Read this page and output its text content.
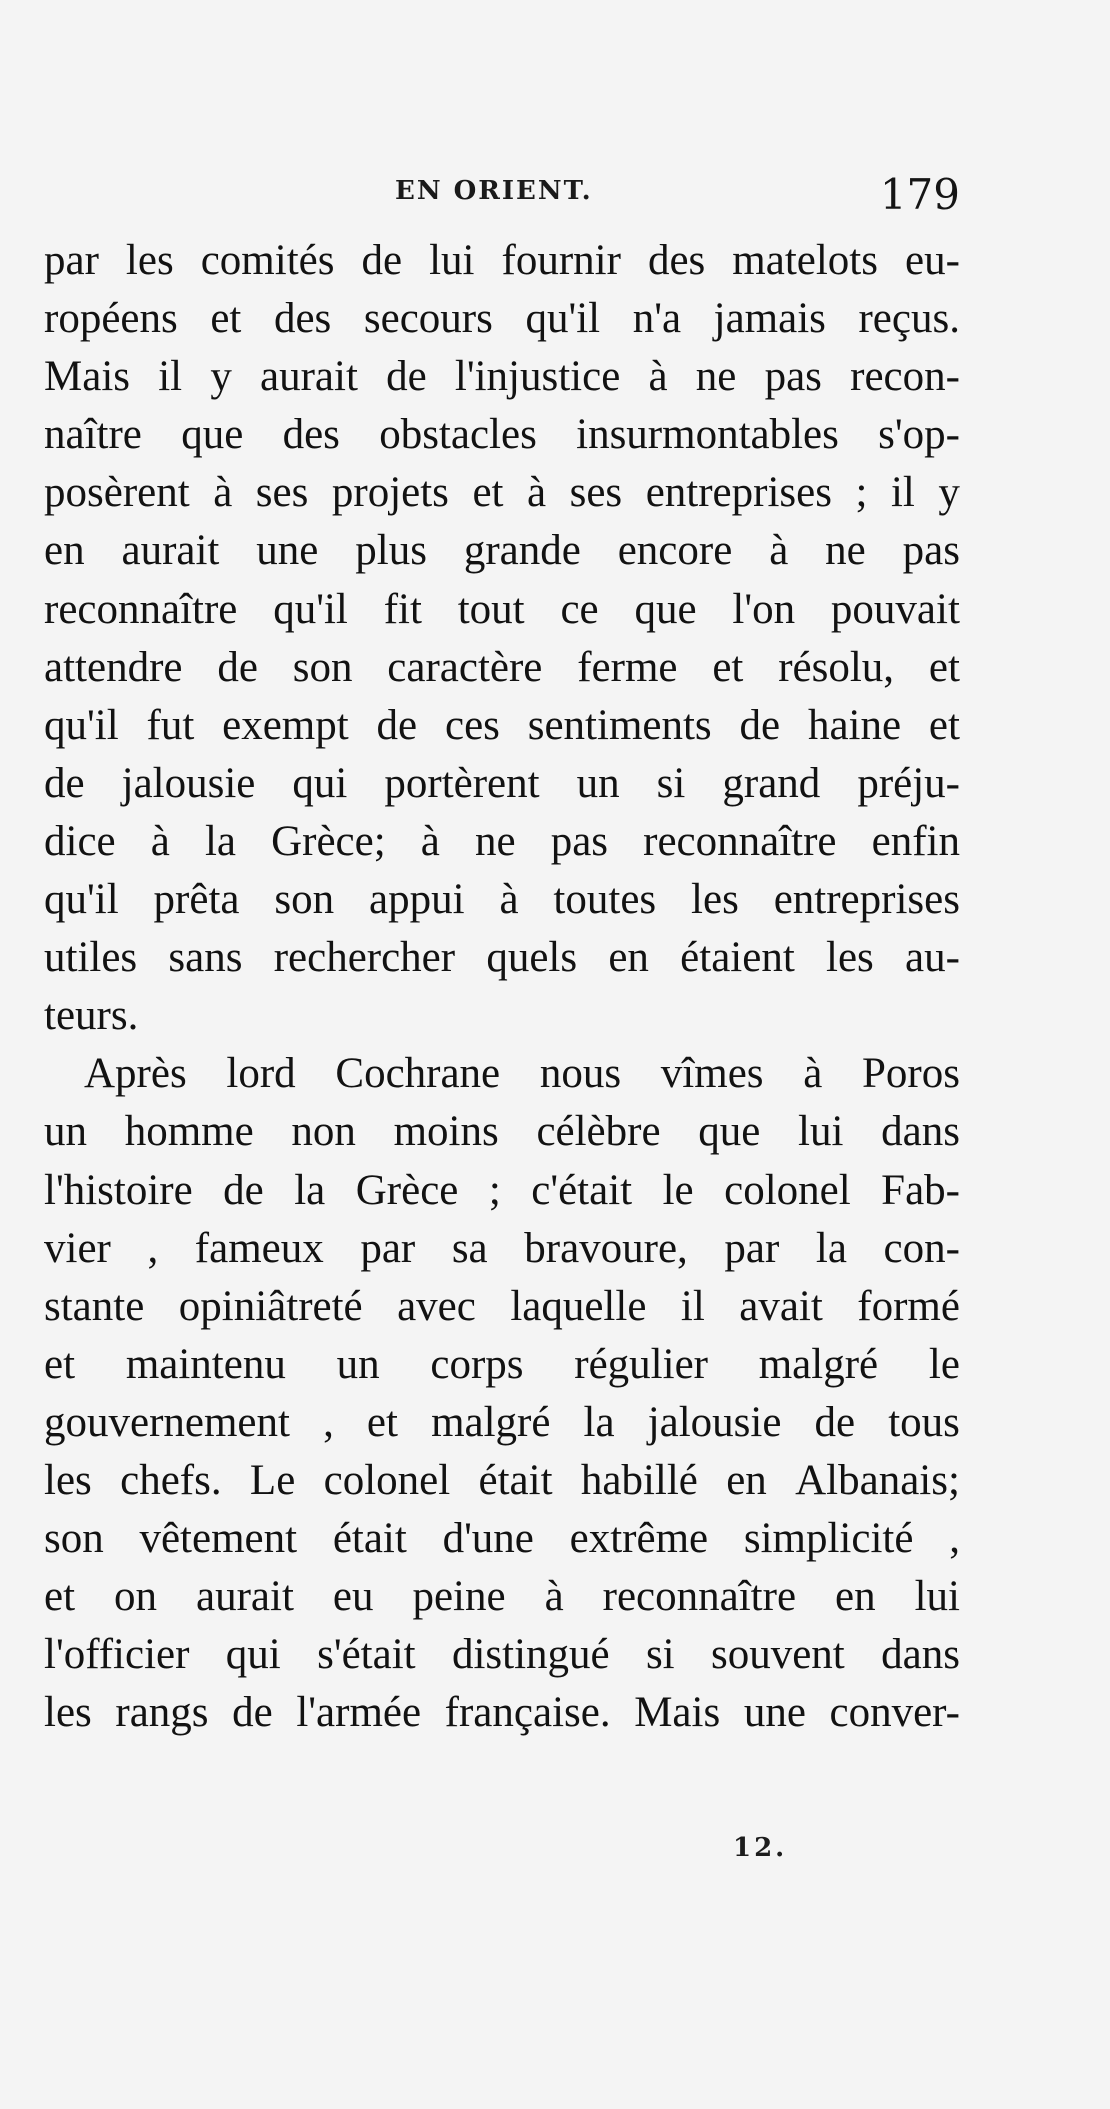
EN ORIENT.	179
par les comités de lui fournir des matelots eu-
ropéens et des secours qu'il n'a jamais reçus.
Mais il y aurait de l'injustice à ne pas recon-
naître que des obstacles insurmontables s'op-
posèrent à ses projets et à ses entreprises ; il y
en aurait une plus grande encore à ne pas
reconnaître qu'il fit tout ce que l'on pouvait
attendre de son caractère ferme et résolu, et
qu'il fut exempt de ces sentiments de haine et
de jalousie qui portèrent un si grand préju-
dice à la Grèce; à ne pas reconnaître enfin
qu'il prêta son appui à toutes les entreprises
utiles sans rechercher quels en étaient les au-
teurs.
Après lord Cochrane nous vîmes à Poros
un homme non moins célèbre que lui dans
l'histoire de la Grèce ; c'était le colonel Fab-
vier , fameux par sa bravoure, par la con-
stante opiniâtreté avec laquelle il avait formé
et maintenu un corps régulier malgré le
gouvernement , et malgré la jalousie de tous
les chefs. Le colonel était habillé en Albanais;
son vêtement était d'une extrême simplicité ,
et on aurait eu peine à reconnaître en lui
l'officier qui s'était distingué si souvent dans
les rangs de l'armée française. Mais une conver-
12.
